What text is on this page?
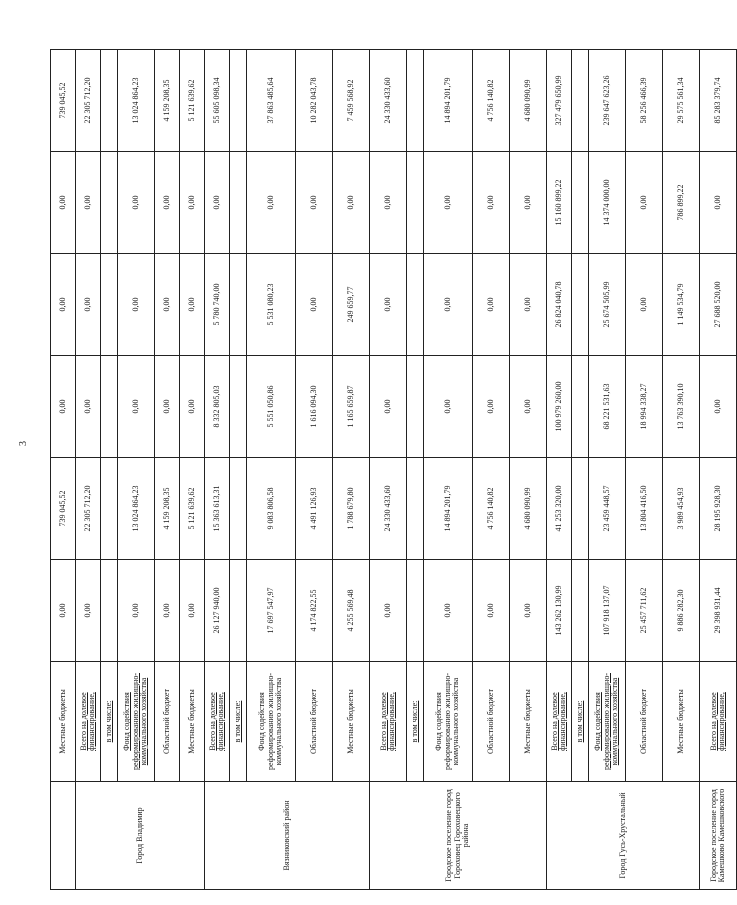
3
	Местные бюджеты	0,00	739 045,52	0,00	0,00	0,00	739 045,52
Город Владимир	Всего на долевое финансирование,	0,00	22 305 712,20	0,00	0,00	0,00	22 305 712,20
	в том числе:						
	Фонд содействия реформированию жилищно-коммунального хозяйства	0,00	13 024 864,23	0,00	0,00	0,00	13 024 864,23
	Областной бюджет	0,00	4 159 208,35	0,00	0,00	0,00	4 159 208,35
	Местные бюджеты	0,00	5 121 639,62	0,00	0,00	0,00	5 121 639,62
Вязниковский район	Всего на долевое финансирование,	26 127 940,00	15 363 613,31	8 332 805,03	5 780 740,00	0,00	55 605 098,34
	в том числе:						
	Фонд содействия реформированию жилищно-коммунального хозяйства	17 697 547,97	9 083 806,58	5 551 050,86	5 531 080,23	0,00	37 863 485,64
	Областной бюджет	4 174 822,55	4 491 126,93	1 616 094,30	0,00	0,00	10 282 043,78
	Местные бюджеты	4 255 569,48	1 788 679,80	1 165 659,87	249 659,77	0,00	7 459 568,92
Городское поселение город Гороховец Гороховецкого района	Всего на долевое финансирование,	0,00	24 330 433,60	0,00	0,00	0,00	24 330 433,60
	в том числе:						
	Фонд содействия реформированию жилищно-коммунального хозяйства	0,00	14 894 201,79	0,00	0,00	0,00	14 894 201,79
	Областной бюджет	0,00	4 756 140,82	0,00	0,00	0,00	4 756 140,82
	Местные бюджеты	0,00	4 680 090,99	0,00	0,00	0,00	4 680 090,99
Город Гусь-Хрустальный	Всего на долевое финансирование,	143 262 130,99	41 253 320,00	100 979 260,00	26 824 040,78	15 160 899,22	327 479 650,99
	в том числе:						
	Фонд содействия реформированию жилищно-коммунального хозяйства	107 918 137,07	23 459 448,57	68 221 531,63	25 674 505,99	14 374 000,00	239 647 623,26
	Областной бюджет	25 457 711,62	13 804 416,50	18 994 338,27	0,00	0,00	58 256 466,39
	Местные бюджеты	9 886 282,30	3 989 454,93	13 763 390,10	1 149 534,79	786 899,22	29 575 561,34
Городское поселение город Камешково Камешковского	Всего на долевое финансирование,	29 398 931,44	28 195 928,30	0,00	27 688 520,00	0,00	85 283 379,74
